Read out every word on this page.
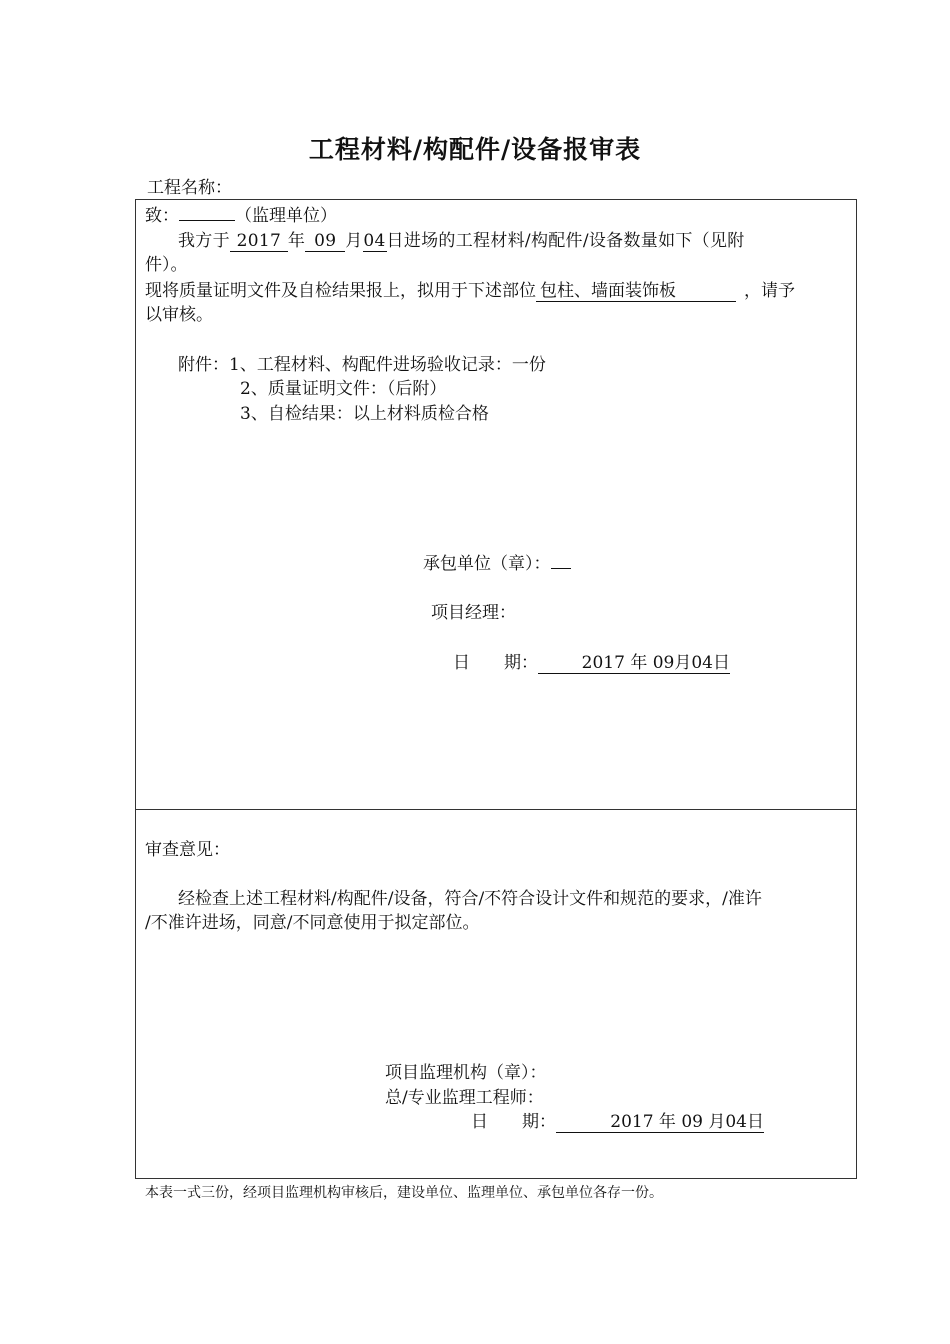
工程材料/构配件/设备报审表
工程名称：
致：	（监理单位）
我方于 2017 年 09 月04日进场的工程材料/构配件/设备数量如下（见附
件）。
现将质量证明文件及自检结果报上，拟用于下述部位 包柱、墙面装饰板	，请予
以审核。
附件：1、工程材料、构配件进场验收记录：一份
2、质量证明文件：（后附）
3、自检结果：以上材料质检合格
承包单位（章）：
项目经理：
日　　期：	2017 年 09月04日
审查意见：
经检查上述工程材料/构配件/设备，符合/不符合设计文件和规范的要求，/准许
/不准许进场，同意/不同意使用于拟定部位。
项目监理机构（章）：
总/专业监理工程师：
日　　期：	2017 年 09 月04日
本表一式三份，经项目监理机构审核后，建设单位、监理单位、承包单位各存一份。
